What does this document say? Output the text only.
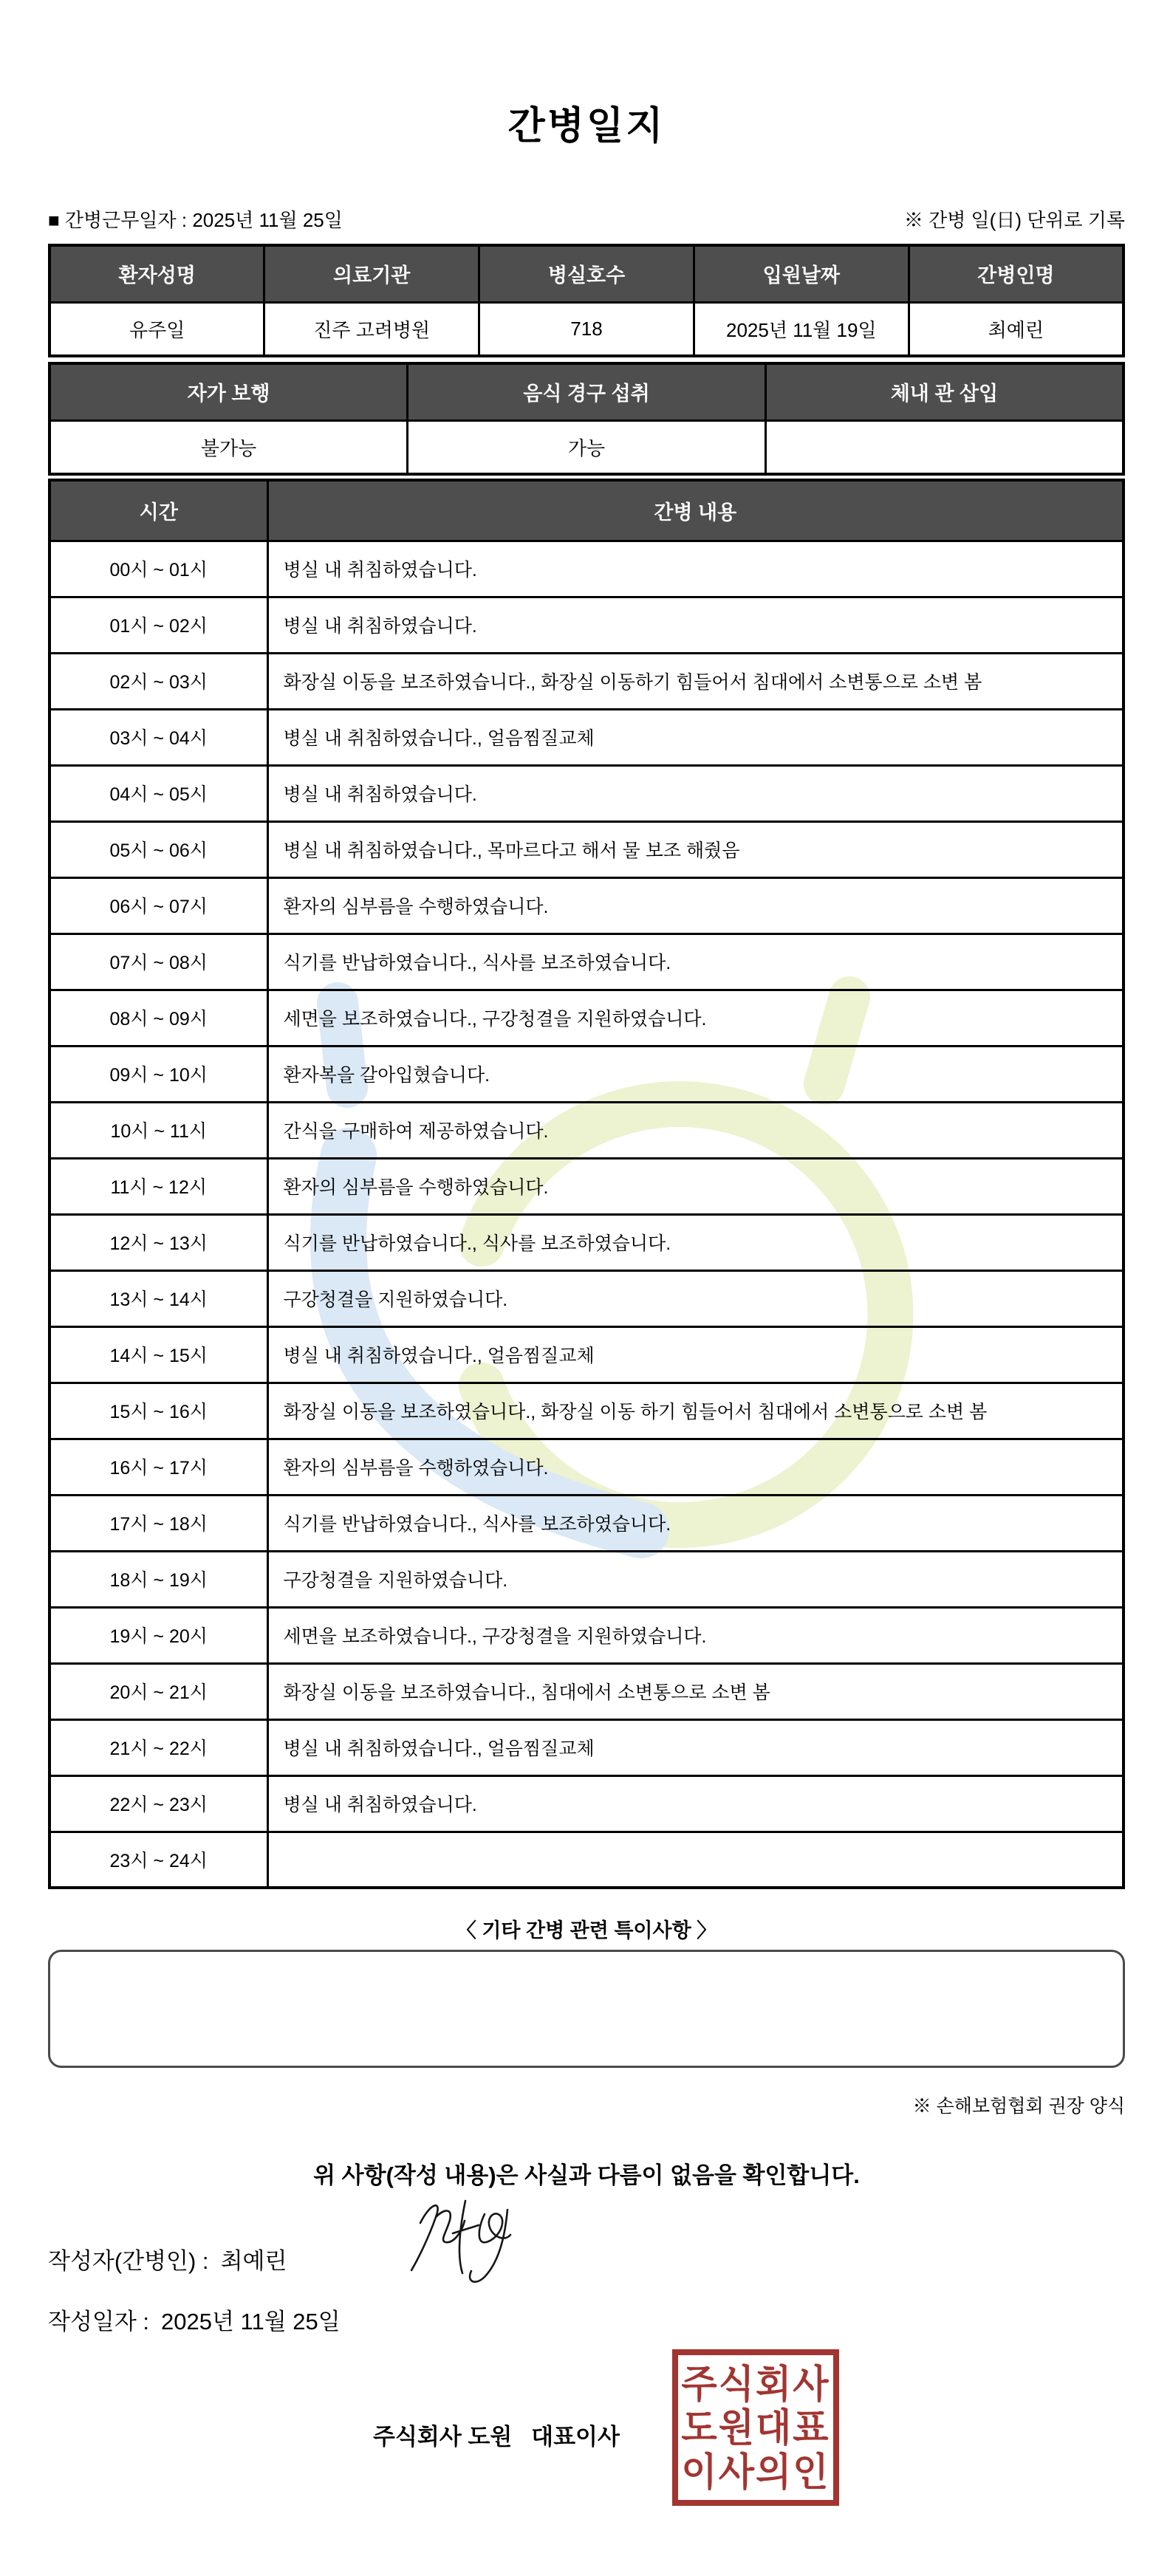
간병일지
■ 간병근무일자 : 2025년 11월 25일	※ 간병 일(日) 단위로 기록
환자성명	의료기관	병실호수	입원날짜	간병인명
유주일	진주 고려병원	718	2025년 11월 19일	최예린
자가 보행	음식 경구 섭취	체내 관 삽입
불가능	가능	
시간	간병 내용
00시 ~ 01시	병실 내 취침하였습니다.
01시 ~ 02시	병실 내 취침하였습니다.
02시 ~ 03시	화장실 이동을 보조하였습니다., 화장실 이동하기 힘들어서 침대에서 소변통으로 소변 봄
03시 ~ 04시	병실 내 취침하였습니다., 얼음찜질교체
04시 ~ 05시	병실 내 취침하였습니다.
05시 ~ 06시	병실 내 취침하였습니다., 목마르다고 해서 물 보조 해줬음
06시 ~ 07시	환자의 심부름을 수행하였습니다.
07시 ~ 08시	식기를 반납하였습니다., 식사를 보조하였습니다.
08시 ~ 09시	세면을 보조하였습니다., 구강청결을 지원하였습니다.
09시 ~ 10시	환자복을 갈아입혔습니다.
10시 ~ 11시	간식을 구매하여 제공하였습니다.
11시 ~ 12시	환자의 심부름을 수행하였습니다.
12시 ~ 13시	식기를 반납하였습니다., 식사를 보조하였습니다.
13시 ~ 14시	구강청결을 지원하였습니다.
14시 ~ 15시	병실 내 취침하였습니다., 얼음찜질교체
15시 ~ 16시	화장실 이동을 보조하였습니다., 화장실 이동 하기 힘들어서 침대에서 소변통으로 소변 봄
16시 ~ 17시	환자의 심부름을 수행하였습니다.
17시 ~ 18시	식기를 반납하였습니다., 식사를 보조하였습니다.
18시 ~ 19시	구강청결을 지원하였습니다.
19시 ~ 20시	세면을 보조하였습니다., 구강청결을 지원하였습니다.
20시 ~ 21시	화장실 이동을 보조하였습니다., 침대에서 소변통으로 소변 봄
21시 ~ 22시	병실 내 취침하였습니다., 얼음찜질교체
22시 ~ 23시	병실 내 취침하였습니다.
23시 ~ 24시	
〈 기타 간병 관련 특이사항 〉
※ 손해보험협회 권장 양식
위 사항(작성 내용)은 사실과 다름이 없음을 확인합니다.
작성자(간병인) : 최예린
작성일자 : 2025년 11월 25일
주식회사 도원   대표이사
주식회사
도원대표
이사의인
